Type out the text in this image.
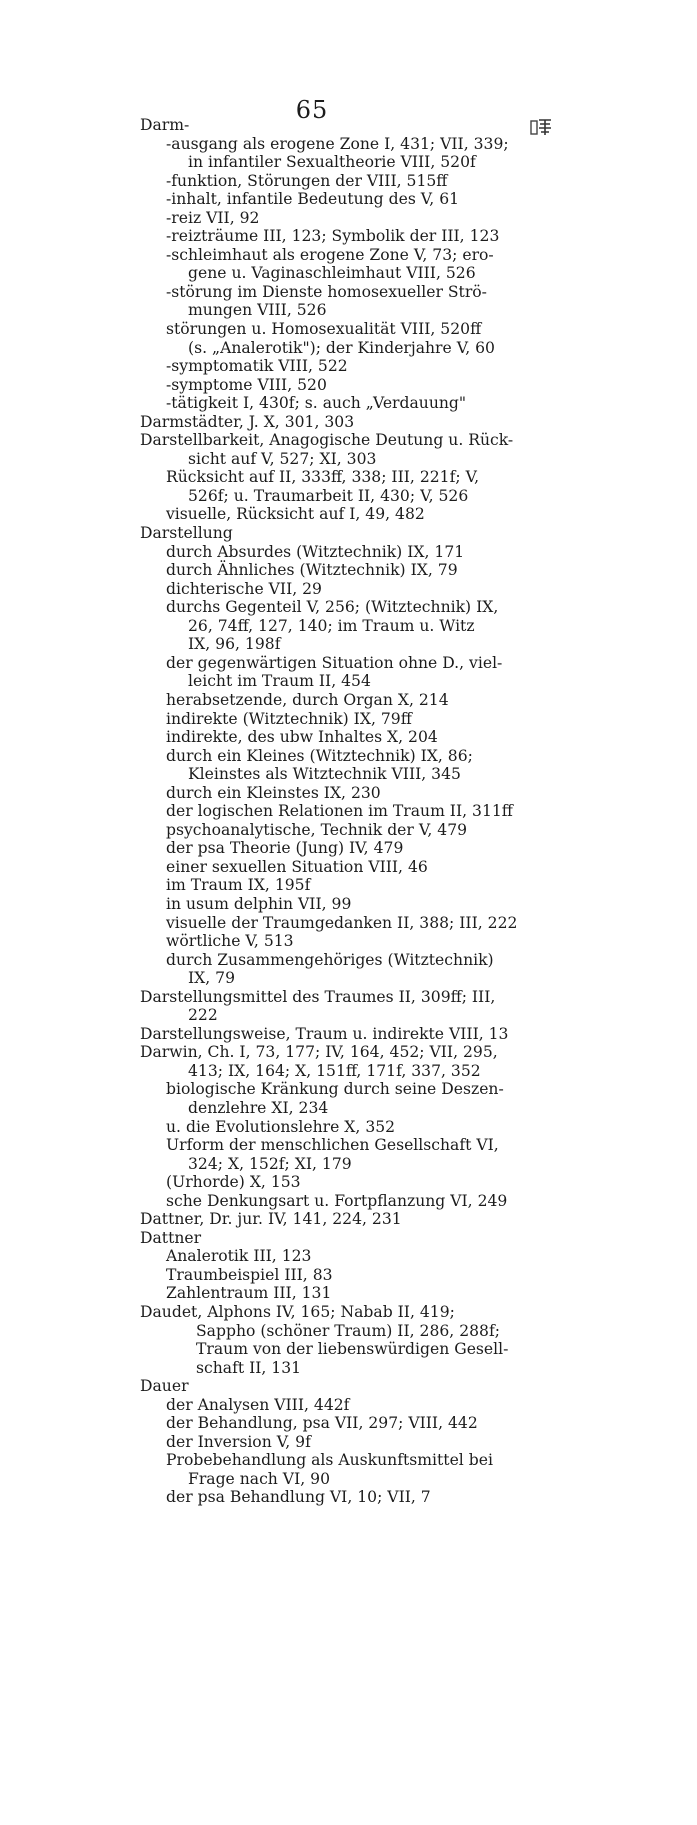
65
Darm-
-ausgang als erogene Zone I, 431; VII, 339;
in infantiler Sexualtheorie VIII, 520f
-funktion, Störungen der VIII, 515ff
-inhalt, infantile Bedeutung des V, 61
-reiz VII, 92
-reizträume III, 123; Symbolik der III, 123
-schleimhaut als erogene Zone V, 73; ero-
gene u. Vaginaschleimhaut VIII, 526
-störung im Dienste homosexueller Strö-
mungen VIII, 526
störungen u. Homosexualität VIII, 520ff
(s. „Analerotik"); der Kinderjahre V, 60
-symptomatik VIII, 522
-symptome VIII, 520
-tätigkeit I, 430f; s. auch „Verdauung"
Darmstädter, J. X, 301, 303
Darstellbarkeit, Anagogische Deutung u. Rück-
sicht auf V, 527; XI, 303
Rücksicht auf II, 333ff, 338; III, 221f; V,
526f; u. Traumarbeit II, 430; V, 526
visuelle, Rücksicht auf I, 49, 482
Darstellung
durch Absurdes (Witztechnik) IX, 171
durch Ähnliches (Witztechnik) IX, 79
dichterische VII, 29
durchs Gegenteil V, 256; (Witztechnik) IX,
26, 74ff, 127, 140; im Traum u. Witz
IX, 96, 198f
der gegenwärtigen Situation ohne D., viel-
leicht im Traum II, 454
herabsetzende, durch Organ X, 214
indirekte (Witztechnik) IX, 79ff
indirekte, des ubw Inhaltes X, 204
durch ein Kleines (Witztechnik) IX, 86;
Kleinstes als Witztechnik VIII, 345
durch ein Kleinstes IX, 230
der logischen Relationen im Traum II, 311ff
psychoanalytische, Technik der V, 479
der psa Theorie (Jung) IV, 479
einer sexuellen Situation VIII, 46
im Traum IX, 195f
in usum delphin VII, 99
visuelle der Traumgedanken II, 388; III, 222
wörtliche V, 513
durch Zusammengehöriges (Witztechnik)
IX, 79
Darstellungsmittel des Traumes II, 309ff; III,
222
Darstellungsweise, Traum u. indirekte VIII, 13
Darwin, Ch. I, 73, 177; IV, 164, 452; VII, 295,
413; IX, 164; X, 151ff, 171f, 337, 352
biologische Kränkung durch seine Deszen-
denzlehre XI, 234
u. die Evolutionslehre X, 352
Urform der menschlichen Gesellschaft VI,
324; X, 152f; XI, 179
(Urhorde) X, 153
sche Denkungsart u. Fortpflanzung VI, 249
Dattner, Dr. jur. IV, 141, 224, 231
Dattner
Analerotik III, 123
Traumbeispiel III, 83
Zahlentraum III, 131
Daudet, Alphons IV, 165; Nabab II, 419;
Sappho (schöner Traum) II, 286, 288f;
Traum von der liebenswürdigen Gesell-
schaft II, 131
Dauer
der Analysen VIII, 442f
der Behandlung, psa VII, 297; VIII, 442
der Inversion V, 9f
Probebehandlung als Auskunftsmittel bei
Frage nach VI, 90
der psa Behandlung VI, 10; VII, 7
